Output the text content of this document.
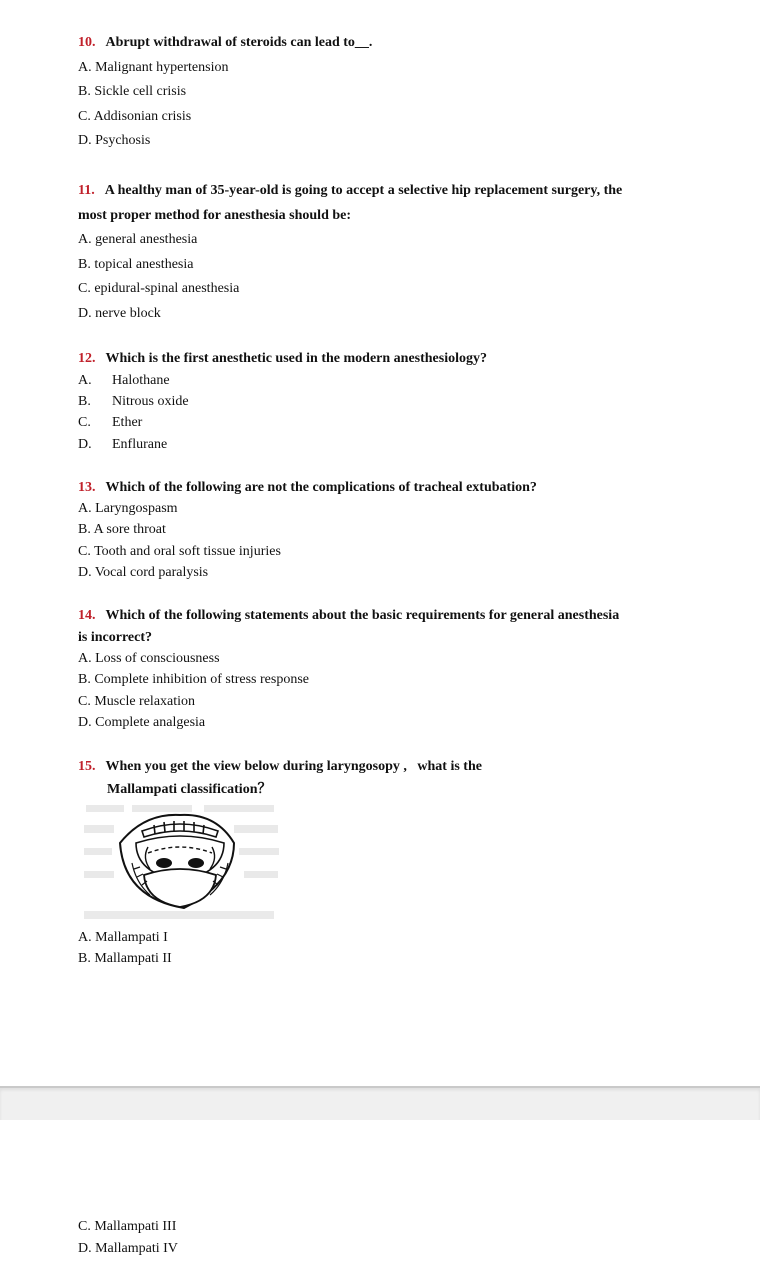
10. Abrupt withdrawal of steroids can lead to__.
A. Malignant hypertension
B. Sickle cell crisis
C. Addisonian crisis
D. Psychosis
11. A healthy man of 35-year-old is going to accept a selective hip replacement surgery, the
most proper method for anesthesia should be:
A. general anesthesia
B. topical anesthesia
C. epidural-spinal anesthesia
D. nerve block
12. Which is the first anesthetic used in the modern anesthesiology?
A. Halothane
B. Nitrous oxide
C. Ether
D. Enflurane
13. Which of the following are not the complications of tracheal extubation?
A. Laryngospasm
B. A sore throat
C. Tooth and oral soft tissue injuries
D. Vocal cord paralysis
14. Which of the following statements about the basic requirements for general anesthesia
is incorrect?
A. Loss of consciousness
B. Complete inhibition of stress response
C. Muscle relaxation
D. Complete analgesia
15. When you get the view below during laryngosopy ,   what is the
Mallampati classification？
A. Mallampati I
B. Mallampati II
C. Mallampati III
D. Mallampati IV
